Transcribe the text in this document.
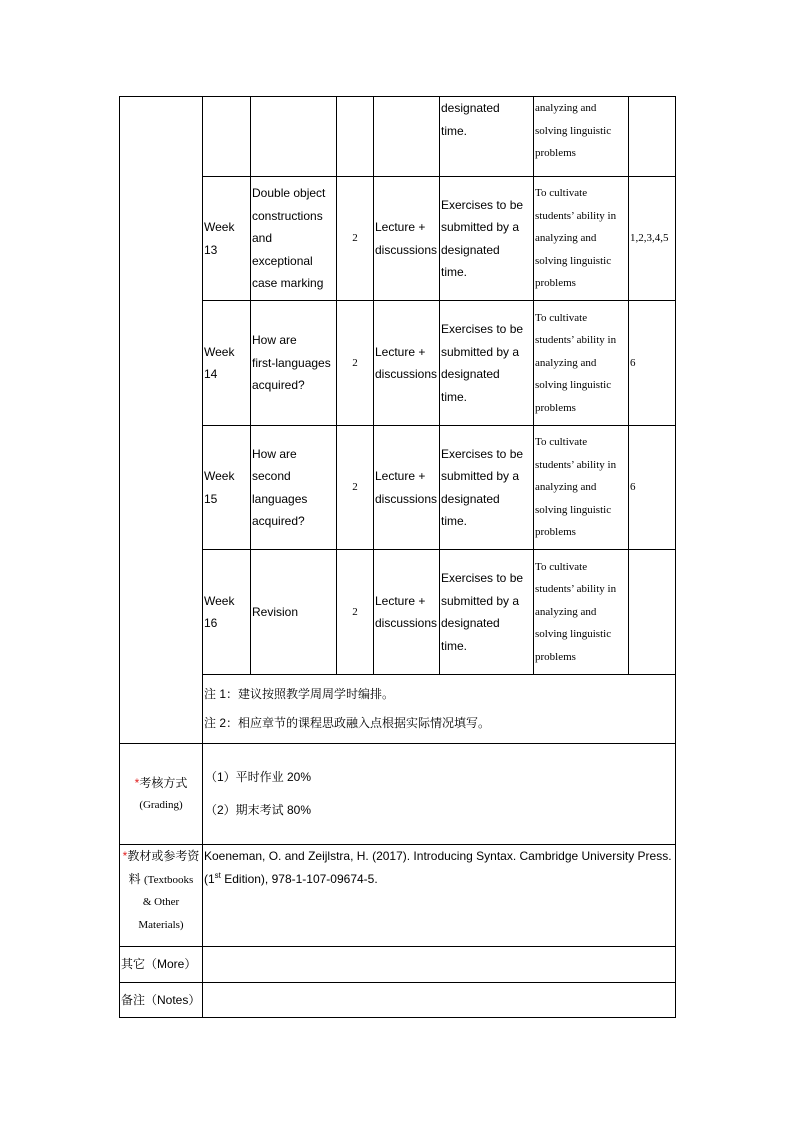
					designated
time.	analyzing and
solving linguistic
problems	

	Week
13	Double object
constructions
and
exceptional
case marking	2	Lecture +
discussions	Exercises to be
submitted by a
designated
time.	To cultivate
students’ ability in
analyzing and
solving linguistic
problems	1,2,3,4,5

	Week
14	How are
first-languages
acquired?	2	Lecture +
discussions	Exercises to be
submitted by a
designated
time.	To cultivate
students’ ability in
analyzing and
solving linguistic
problems	6

	Week
15	How are
second
languages
acquired?	2	Lecture +
discussions	Exercises to be
submitted by a
designated
time.	To cultivate
students’ ability in
analyzing and
solving linguistic
problems	6

	Week
16	Revision	2	Lecture +
discussions	Exercises to be
submitted by a
designated
time.	To cultivate
students’ ability in
analyzing and
solving linguistic
problems	

	注 1：建议按照教学周周学时编排。
注 2：相应章节的课程思政融入点根据实际情况填写。						

*考核方式
(Grading)	（1）平时作业 20%
（2）期末考试 80%						

*教材或参考资
料 (Textbooks
& Other
Materials)	Koeneman, O. and Zeijlstra, H. (2017). Introducing Syntax. Cambridge University Press. (1st Edition), 978-1-107-09674-5.						
其它（More）							
备注（Notes）							
